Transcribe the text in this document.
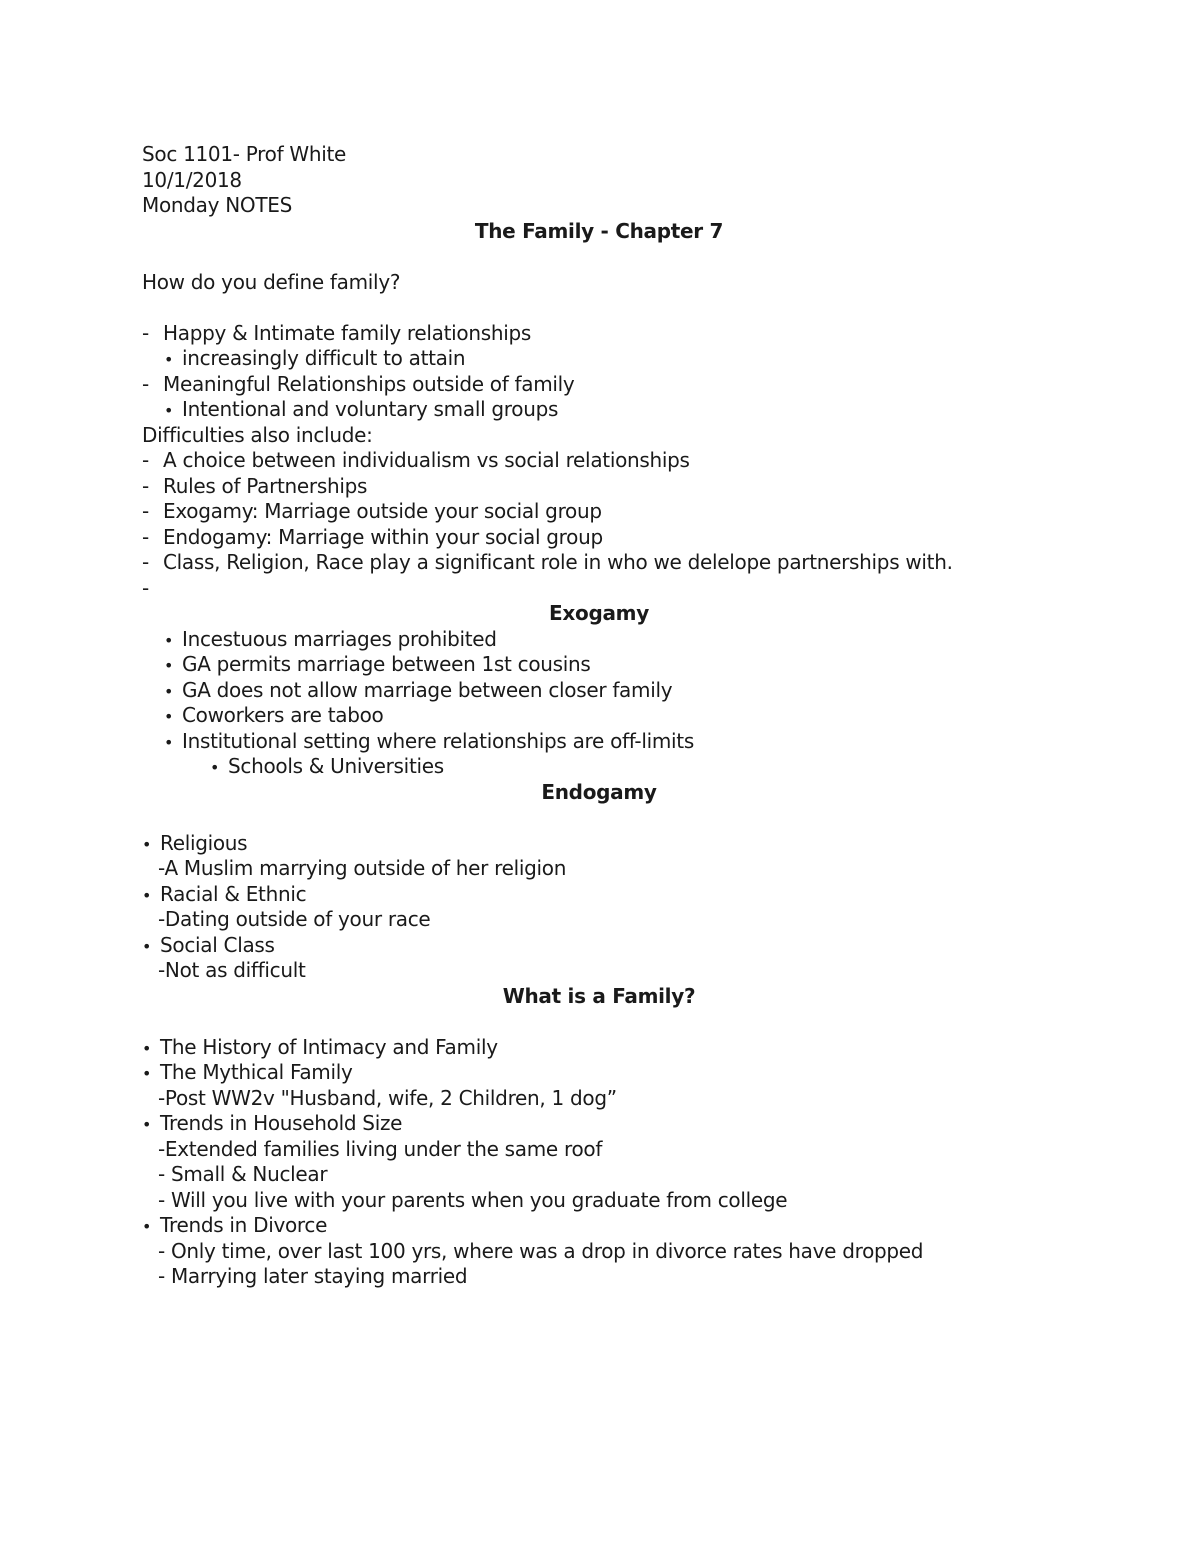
Soc 1101- Prof White
10/1/2018
Monday NOTES
The Family - Chapter 7
How do you define family?
- Happy & Intimate family relationships
• increasingly difficult to attain
- Meaningful Relationships outside of family
• Intentional and voluntary small groups
Difficulties also include:
- A choice between individualism vs social relationships
- Rules of Partnerships
- Exogamy: Marriage outside your social group
- Endogamy: Marriage within your social group
- Class, Religion, Race play a significant role in who we delelope partnerships with.
-
Exogamy
• Incestuous marriages prohibited
• GA permits marriage between 1st cousins
• GA does not allow marriage between closer family
• Coworkers are taboo
• Institutional setting where relationships are off-limits
• Schools & Universities
Endogamy
• Religious
-A Muslim marrying outside of her religion
• Racial & Ethnic
-Dating outside of your race
• Social Class
-Not as difficult
What is a Family?
• The History of Intimacy and Family
• The Mythical Family
-Post WW2v "Husband, wife, 2 Children, 1 dog”
• Trends in Household Size
-Extended families living under the same roof
- Small & Nuclear
- Will you live with your parents when you graduate from college
• Trends in Divorce
- Only time, over last 100 yrs, where was a drop in divorce rates have dropped
- Marrying later staying married
